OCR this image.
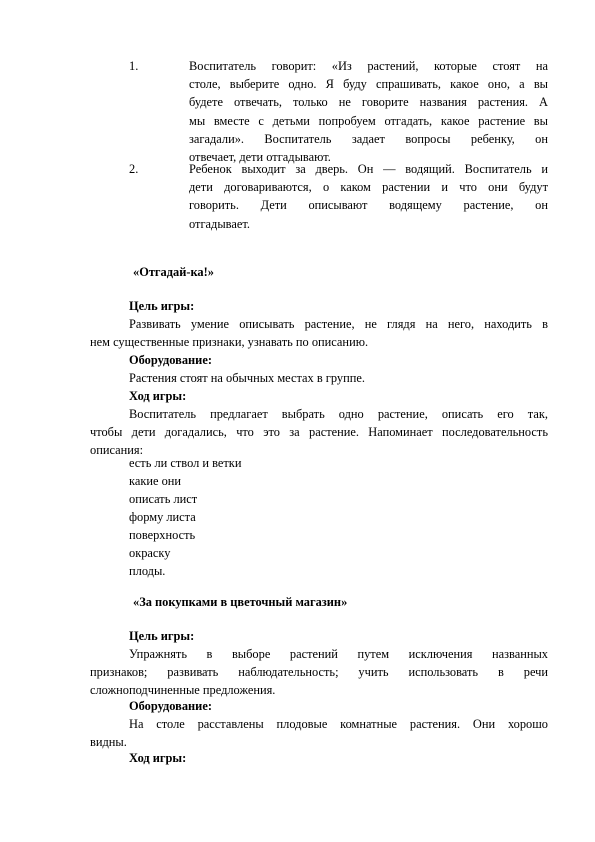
1.	Воспитатель говорит: «Из растений, которые стоят на
столе, выберите одно. Я буду спрашивать, какое оно, а вы
будете отвечать, только не говорите названия растения. А
мы вместе с детьми попробуем отгадать, какое растение вы
загадали». Воспитатель задает вопросы ребенку, он
отвечает, дети отгадывают.
2.	Ребенок выходит за дверь. Он — водящий. Воспитатель и
дети договариваются, о каком растении и что они будут
говорить. Дети описывают водящему растение, он
отгадывает.
«Отгадай-ка!»
Цель игры:
Развивать умение описывать растение, не глядя на него, находить в
нем существенные признаки, узнавать по описанию.
Оборудование:
Растения стоят на обычных местах в группе.
Ход игры:
Воспитатель предлагает выбрать одно растение, описать его так,
чтобы дети догадались, что это за растение. Напоминает последовательность
описания:
есть ли ствол и ветки
какие они
описать лист
форму листа
поверхность
окраску
плоды.
«За покупками в цветочный магазин»
Цель игры:
Упражнять в выборе растений путем исключения названных
признаков; развивать наблюдательность; учить использовать в речи
сложноподчиненные предложения.
Оборудование:
На столе расставлены плодовые комнатные растения. Они хорошо
видны.
Ход игры:
